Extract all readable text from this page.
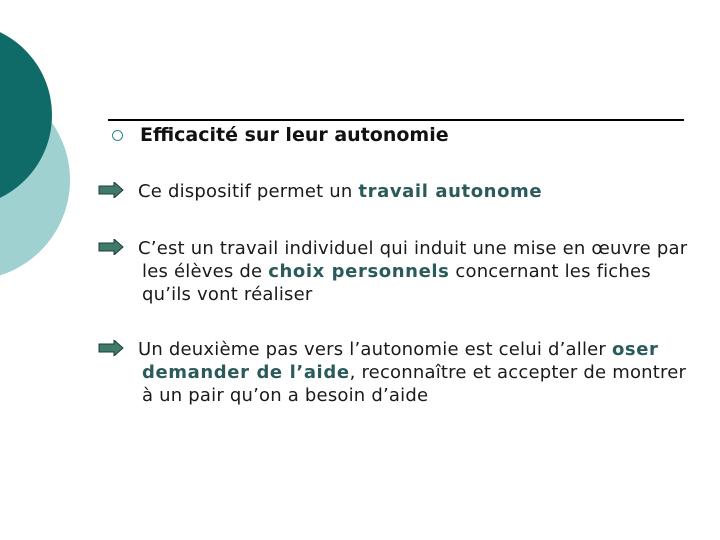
Efficacité sur leur autonomie
Ce dispositif permet un travail autonome
C’est un travail individuel qui induit une mise en œuvre par les élèves de choix personnels concernant les fiches qu’ils vont réaliser
Un deuxième pas vers l’autonomie est celui d’aller oser demander de l’aide, reconnaître et accepter de montrer à un pair qu’on a besoin d’aide
